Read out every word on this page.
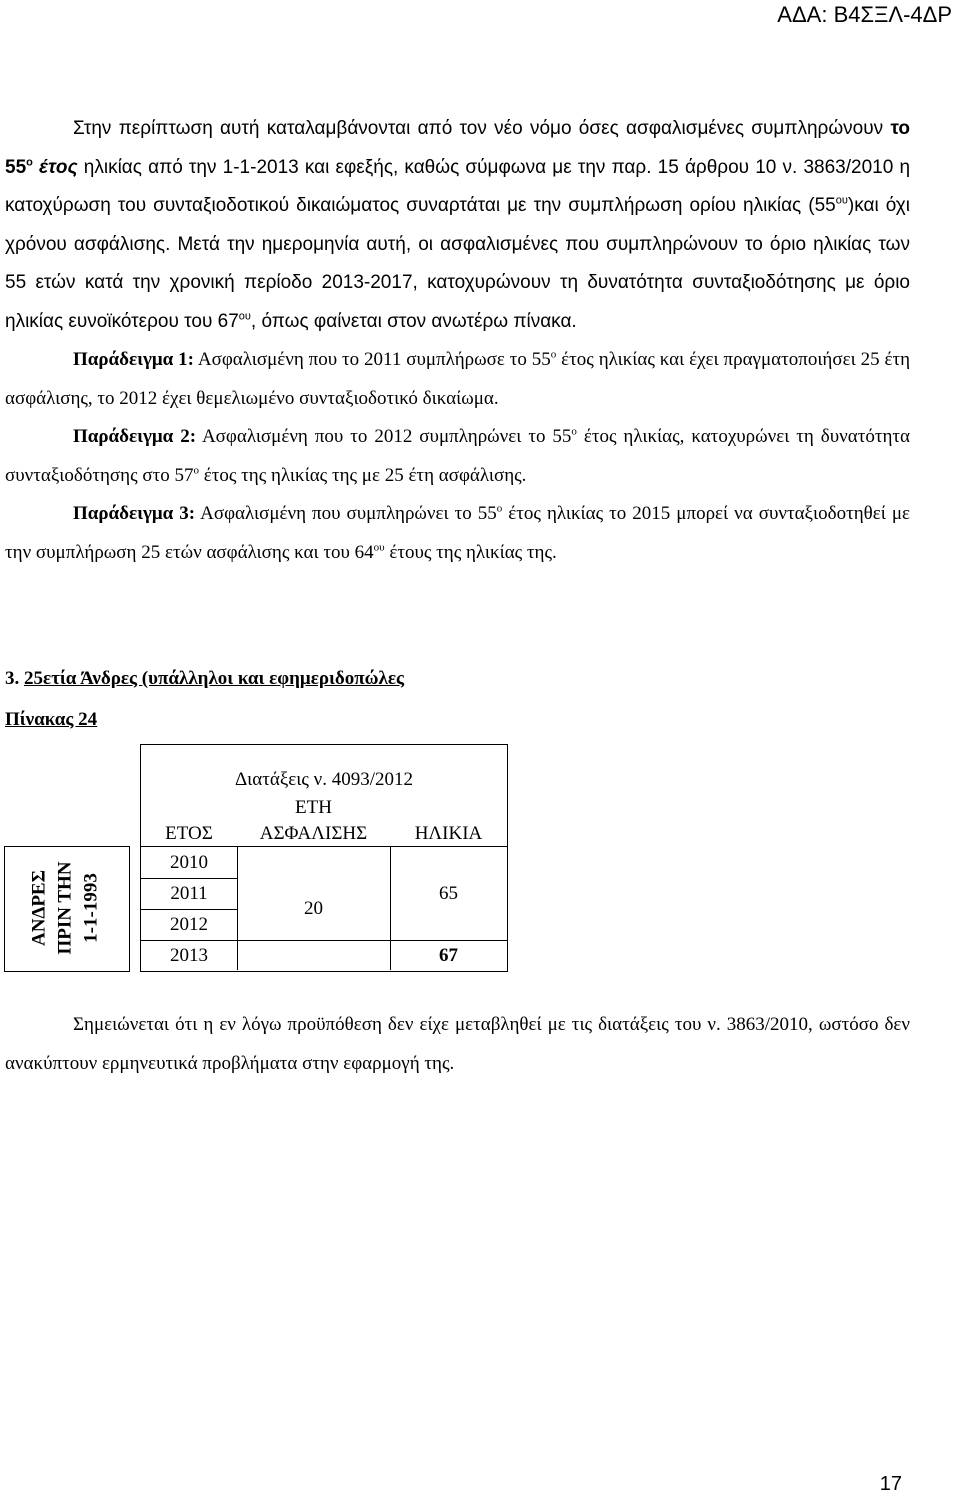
ΑΔΑ: Β4ΣΞΛ-4ΔΡ

Στην περίπτωση αυτή καταλαμβάνονται από τον νέο νόμο όσες ασφαλισμένες συμπληρώνουν το $55^o$ έτος ηλικίας από την 1-1-2013 και εφεξής, καθώς σύμφωνα με την παρ. 15 άρθρου 10 ν. 3863/2010 η κατοχύρωση του συνταξιοδοτικού δικαιώματος συναρτάται με την συμπλήρωση ορίου ηλικίας $(55^{o\upsilon})\kappa\alpha\iota$ όχι χρόνου ασφάλισης. Μετά την ημερομηνία αυτή, οι ασφαλισμένες που συμπληρώνουν το όριο ηλικίας των 55 ετών κατά την χρονική περίοδο 2013-2017, κατοχυρώνουν τη δυνατότητα συνταξιοδότησης με όριο ηλικίας ευνοϊκότερου του $67^{o\upsilon}$, όπως φαίνεται στον ανωτέρω πίνακα.

Παράδειγμα 1: Ασφαλισμένη που το 2011 συμπλήρωσε το $55^o$ έτος ηλικίας και έχει πραγματοποιήσει 25 έτη ασφάλισης, το 2012 έχει θεμελιωμένο συνταξιοδοτικό δικαίωμα.

Παράδειγμα 2: Ασφαλισμένη που το 2012 συμπληρώνει το $55^o$ έτος ηλικίας, κατοχυρώνει τη δυνατότητα συνταξιοδότησης στο $57^o$ έτος της ηλικίας της με 25 έτη ασφάλισης.

Παράδειγμα 3: Ασφαλισμένη που συμπληρώνει το $55^o$ έτος ηλικίας το 2015 μπορεί να συνταξιοδοτηθεί με την συμπλήρωση 25 ετών ασφάλισης και του $64^{o\upsilon}$ έτους της ηλικίας της.

3. 25ετία Άνδρες (υπάλληλοι και εφημεριδοπώλες
Πίνακας 24
ΑΝΔΡΕΣ ΠΡΙΝ ΤΗΝ 1-1-1993
Διατάξεις ν. 4093/2012
ΕΤΟΣ
ΕΤΗ
ΑΣΦΑΛΙΣΗΣ	ΗΛΙΚΙΑ
2010
2011
2012
2013
20
65
67

Σημειώνεται ότι η εν λόγω προϋπόθεση δεν είχε μεταβληθεί με τις διατάξεις του ν. 3863/2010, ωστόσο δεν ανακύπτουν ερμηνευτικά προβλήματα στην εφαρμογή της.

17
